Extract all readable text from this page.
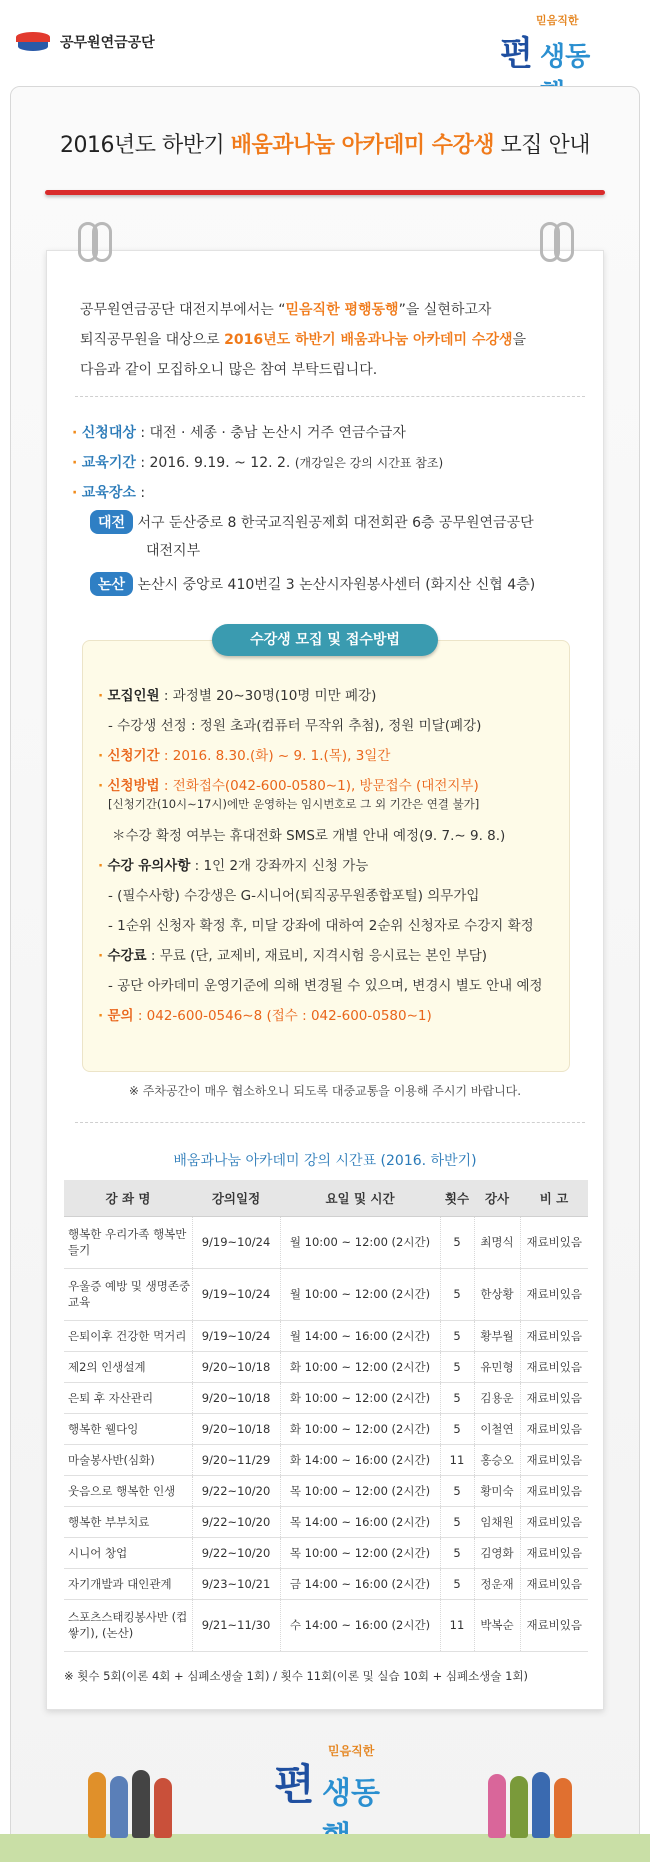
공무원연금공단
믿음직한
편 생동
2016년도 하반기 배움과나눔 아카데미 수강생 모집 안내
공무원연금공단 대전지부에서는 “믿음직한 평행동행”을 실현하고자
퇴직공무원을 대상으로 2016년도 하반기 배움과나눔 아카데미 수강생을
다음과 같이 모집하오니 많은 참여 부탁드립니다.
· 신청대상 : 대전 · 세종 · 충남 논산시 거주 연금수급자
· 교육기간 : 2016. 9.19. ~ 12. 2. (개강일은 강의 시간표 참조)
· 교육장소 :
대전 서구 둔산중로 8 한국교직원공제회 대전회관 6층 공무원연금공단
대전지부
논산 논산시 중앙로 410번길 3 논산시자원봉사센터 (화지산 신협 4층)
수강생 모집 및 접수방법
· 모집인원 : 과정별 20∼30명(10명 미만 폐강)
- 수강생 선정 : 정원 초과(컴퓨터 무작위 추첨), 정원 미달(폐강)
· 신청기간 : 2016. 8.30.(화) ~ 9. 1.(목), 3일간
· 신청방법 : 전화접수(042-600-0580∼1), 방문접수 (대전지부)
[신청기간(10시∼17시)에만 운영하는 임시번호로 그 외 기간은 연결 불가]
＊수강 확정 여부는 휴대전화 SMS로 개별 안내 예정(9. 7.∼ 9. 8.)
· 수강 유의사항 : 1인 2개 강좌까지 신청 가능
- (필수사항) 수강생은 G-시니어(퇴직공무원종합포털) 의무가입
- 1순위 신청자 확정 후, 미달 강좌에 대하여 2순위 신청자로 수강지 확정
· 수강료 : 무료 (단, 교제비, 재료비, 지격시험 응시료는 본인 부담)
- 공단 아카데미 운영기준에 의해 변경될 수 있으며, 변경시 별도 안내 예정
· 문의 : 042-600-0546∼8 (접수 : 042-600-0580∼1)
※ 주차공간이 매우 협소하오니 되도록 대중교통을 이용해 주시기 바랍니다.
배움과나눔 아카데미 강의 시간표 (2016. 하반기)
강 좌 명	강의일정	요일 및 시간	횟수	강사	비 고
행복한 우리가족 행복만들기	9/19~10/24	월 10:00 ~ 12:00 (2시간)	5	최명식	재료비있음
우울증 예방 및 생명존중 교육	9/19~10/24	월 10:00 ~ 12:00 (2시간)	5	한상황	재료비있음
은퇴이후 건강한 먹거리	9/19~10/24	월 14:00 ~ 16:00 (2시간)	5	황부월	재료비있음
제2의 인생설계	9/20~10/18	화 10:00 ~ 12:00 (2시간)	5	유민형	재료비있음
은퇴 후 자산관리	9/20~10/18	화 10:00 ~ 12:00 (2시간)	5	김용운	재료비있음
행복한 웰다잉	9/20~10/18	화 10:00 ~ 12:00 (2시간)	5	이철연	재료비있음
마술봉사반(심화)	9/20~11/29	화 14:00 ~ 16:00 (2시간)	11	홍승오	재료비있음
웃음으로 행복한 인생	9/22~10/20	목 10:00 ~ 12:00 (2시간)	5	황미숙	재료비있음
행복한 부부치료	9/22~10/20	목 14:00 ~ 16:00 (2시간)	5	임채원	재료비있음
시니어 창업	9/22~10/20	목 10:00 ~ 12:00 (2시간)	5	김영화	재료비있음
자기개발과 대인관계	9/23~10/21	금 14:00 ~ 16:00 (2시간)	5	정운재	재료비있음
스포츠스태킹봉사반 (컵쌓기), (논산)	9/21~11/30	수 14:00 ~ 16:00 (2시간)	11	박복순	재료비있음
※ 횟수 5회(이론 4회 + 심폐소생술 1회) / 횟수 11회(이론 및 실습 10회 + 심폐소생술 1회)
믿음직한
편 생동
